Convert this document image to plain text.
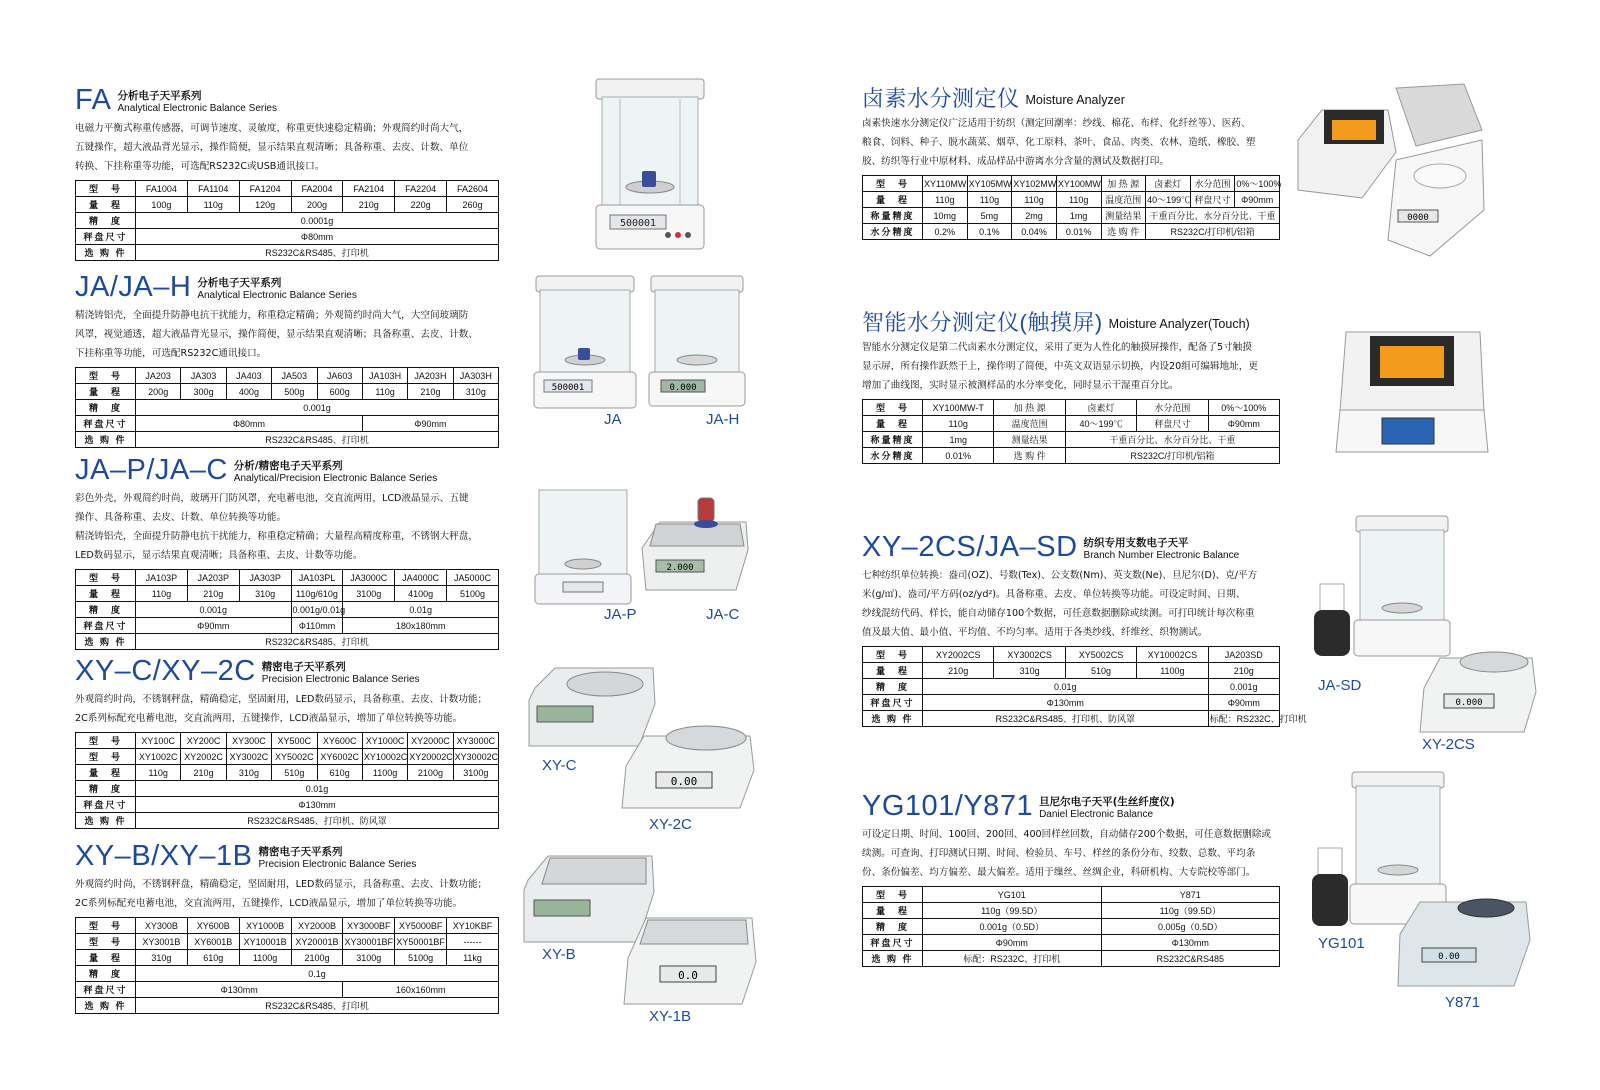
FA 分析电子天平系列
Analytical Electronic Balance Series
电磁力平衡式称重传感器，可调节速度、灵敏度，称重更快速稳定精确；外观简约时尚大气，
五键操作，超大液晶背光显示，操作简便，显示结果直观清晰；具备称重、去皮、计数、单位
转换、下挂称重等功能，可选配RS232C或USB通讯接口。
型　号	FA1004	FA1104	FA1204	FA2004	FA2104	FA2204	FA2604
量　程	100g	110g	120g	200g	210g	220g	260g
精　度	0.0001g						
秤盘尺寸	Φ80mm						
选 购 件	RS232C&RS485、打印机						
JA/JA–H 分析电子天平系列
Analytical Electronic Balance Series
精浇铸铝壳，全面提升防静电抗干扰能力，称重稳定精确；外观简约时尚大气，大空间玻璃防
风罩，视觉通透，超大液晶背光显示，操作简便，显示结果直观清晰；具备称重、去皮、计数、
下挂称重等功能，可选配RS232C通讯接口。
型　号	JA203	JA303	JA403	JA503	JA603	JA103H	JA203H	JA303H
量　程	200g	300g	400g	500g	600g	110g	210g	310g
精　度	0.001g							
秤盘尺寸	Φ80mm					Φ90mm		
选 购 件	RS232C&RS485、打印机							
JA–P/JA–C 分析/精密电子天平系列
Analytical/Precision Electronic Balance Series
彩色外壳，外观简约时尚，玻璃开门防风罩，充电蓄电池，交直流两用，LCD液晶显示、五键
操作、具备称重、去皮、计数、单位转换等功能。
精浇铸铝壳，全面提升防静电抗干扰能力，称重稳定精确；大量程高精度称重，不锈钢大秤盘，
LED数码显示，显示结果直观清晰；具备称重、去皮、计数等功能。
型　号	JA103P	JA203P	JA303P	JA103PL	JA3000C	JA4000C	JA5000C
量　程	110g	210g	310g	110g/610g	3100g	4100g	5100g
精　度	0.001g			0.001g/0.01g	0.01g		
秤盘尺寸	Φ90mm			Φ110mm	180x180mm		
选 购 件	RS232C&RS485、打印机						
XY–C/XY–2C 精密电子天平系列
Precision Electronic Balance Series
外观简约时尚，不锈钢秤盘，精确稳定，坚固耐用，LED数码显示，具备称重、去皮、计数功能；
2C系列标配充电蓄电池，交直流两用，五键操作，LCD液晶显示，增加了单位转换等功能。
型　号	XY100C	XY200C	XY300C	XY500C	XY600C	XY1000C	XY2000C	XY3000C
型　号	XY1002C	XY2002C	XY3002C	XY5002C	XY6002C	XY10002C	XY20002C	XY30002C
量　程	110g	210g	310g	510g	610g	1100g	2100g	3100g
精　度	0.01g							
秤盘尺寸	Φ130mm							
选 购 件	RS232C&RS485、打印机、防风罩							
XY–B/XY–1B 精密电子天平系列
Precision Electronic Balance Series
外观简约时尚，不锈钢秤盘，精确稳定，坚固耐用，LED数码显示，具备称重、去皮、计数功能；
2C系列标配充电蓄电池，交直流两用，五键操作，LCD液晶显示，增加了单位转换等功能。
型　号	XY300B	XY600B	XY1000B	XY2000B	XY3000BF	XY5000BF	XY10KBF
型　号	XY3001B	XY6001B	XY10001B	XY20001B	XY30001BF	XY50001BF	------
量　程	310g	610g	1100g	2100g	3100g	5100g	11kg
精　度	0.1g						
秤盘尺寸	Φ130mm				160x160mm		
选 购 件	RS232C&RS485、打印机						
卤素水分测定仪 Moisture Analyzer
卤素快速水分测定仪广泛适用于纺织（测定回潮率：纱线、棉花、布样、化纤丝等）、医药、
粮食、饲料、种子、脱水蔬菜、烟草、化工原料、茶叶、食品、肉类、农林、造纸、橡胶、塑
胶、纺织等行业中原材料、成品样品中游离水分含量的测试及数据打印。
型　号	XY110MW	XY105MW	XY102MW	XY100MW	加 热 源	卤素灯	水分范围	0%～100%
量　程	110g	110g	110g	110g	温度范围	40～199℃	秤盘尺寸	Φ90mm
称量精度	10mg	5mg	2mg	1mg	测量结果	干重百分比、水分百分比、干重		
水分精度	0.2%	0.1%	0.04%	0.01%	选 购 件	RS232C/打印机/铝箱		
智能水分测定仪(触摸屏) Moisture Analyzer(Touch)
智能水分测定仪是第二代卤素水分测定仪，采用了更为人性化的触摸屏操作，配备了5寸触摸
显示屏，所有操作跃然于上，操作明了简便，中英文双语显示切换，内设20组可编辑地址，更
增加了曲线图，实时显示被测样品的水分率变化，同时显示干湿重百分比。
型　号	XY100MW-T	加 热 源	卤素灯	水分范围	0%～100%
量　程	110g	温度范围	40～199℃	秤盘尺寸	Φ90mm
称量精度	1mg	测量结果	干重百分比、水分百分比、干重		
水分精度	0.01%	选 购 件	RS232C/打印机/铝箱		
XY–2CS/JA–SD 纺织专用支数电子天平
Branch Number Electronic Balance
七种纺织单位转换：盎司(OZ)、号数(Tex)、公支数(Nm)、英支数(Ne)、旦尼尔(D)、克/平方
米(g/㎡)、盎司/平方码(oz/yd²)。具备称重、去皮、单位转换等功能。可设定时间、日期、
纱线混纺代码、样长，能自动储存100个数据，可任意数据删除或续测。可打印统计每次称重
值及最大值、最小值、平均值、不均匀率。适用于各类纱线、纤维丝、织物测试。
型　号	XY2002CS	XY3002CS	XY5002CS	XY10002CS	JA203SD
量　程	210g	310g	510g	1100g	210g
精　度	0.01g				0.001g
秤盘尺寸	Φ130mm				Φ90mm
选 购 件	RS232C&RS485、打印机、防风罩				标配：RS232C、打印机
YG101/Y871 旦尼尔电子天平(生丝纤度仪)
Daniel Electronic Balance
可设定日期、时间、100回、200回、400回样丝回数，自动储存200个数据，可任意数据删除或
续测。可查询、打印测试日期、时间、检验员、车号、样丝的条份分布、绞数、总数、平均条
份、条份偏差、均方偏差、最大偏差。适用于缫丝、丝绸企业，科研机构、大专院校等部门。
型　号	YG101	Y871
量　程	110g（99.5D）	110g（99.5D）
精　度	0.001g（0.5D）	0.005g（0.5D）
秤盘尺寸	Φ90mm	Φ130mm
选 购 件	标配：RS232C、打印机	RS232C&RS485
500001
500001	0.000
2.000
0.00
0.0
0000
0.000
0.00
JA	JA-H
JA-P	JA-C
XY-C
XY-2C
XY-B
XY-1B
JA-SD
XY-2CS
YG101
Y871
